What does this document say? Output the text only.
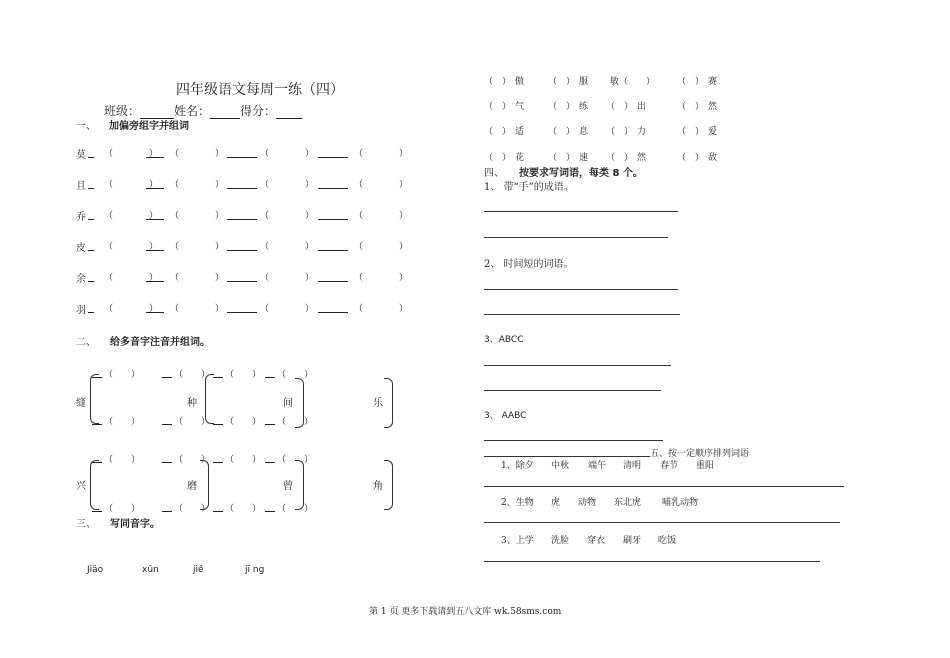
四年级语文每周一练（四）
班级：	姓名：	得分：
一、 加偏旁组字并组词
莫 （　　　　） （　　　　）	（　　　　）	（　　　　）
且 （　　　　） （　　　　）	（　　　　）	（　　　　）
乔 （　　　　） （　　　　）	（　　　　）	（　　　　）
皮 （　　　　） （　　　　）	（　　　　）	（　　　　）
余 （　　　　） （　　　　）	（　　　　）	（　　　　）
羽 （　　　　） （　　　　）	（　　　　）	（　　　　）
二、 给多音字注音并组词。
缝
（　　）	（　　）
（　　）	（　　）
种
（　　） （　　）
（　　） （　　）
间	乐
兴
（　　）	（　　）
（　　）	（　　）
磨
（　　） （　　）
（　　） （　　）
曾	角
三、 写同音字。
Jiāo	xūn	jiě	jī ng
（　） 傲	（　） 服	敏（　　） （　） 赛
（　） 气	（　） 练 （　） 出	（　） 然
（　） 适	（　） 息 （　） 力	（　） 爱
（　） 花	（　） 速 （　） 然	（　） 敌
四、 按要求写词语，每类 8 个。
1、 带“手”的成语。
2、 时间短的词语。
3、ABCC
3、 AABC
五、按一定顺序排列词语
1、除夕 中秋 端午 清明 春节 重阳
2、生物 虎 动物 东北虎 哺乳动物
3、上学 洗脸 穿衣 刷牙 吃饭
第 1 页 更多下载请到五八文库 wk.58sms.com
